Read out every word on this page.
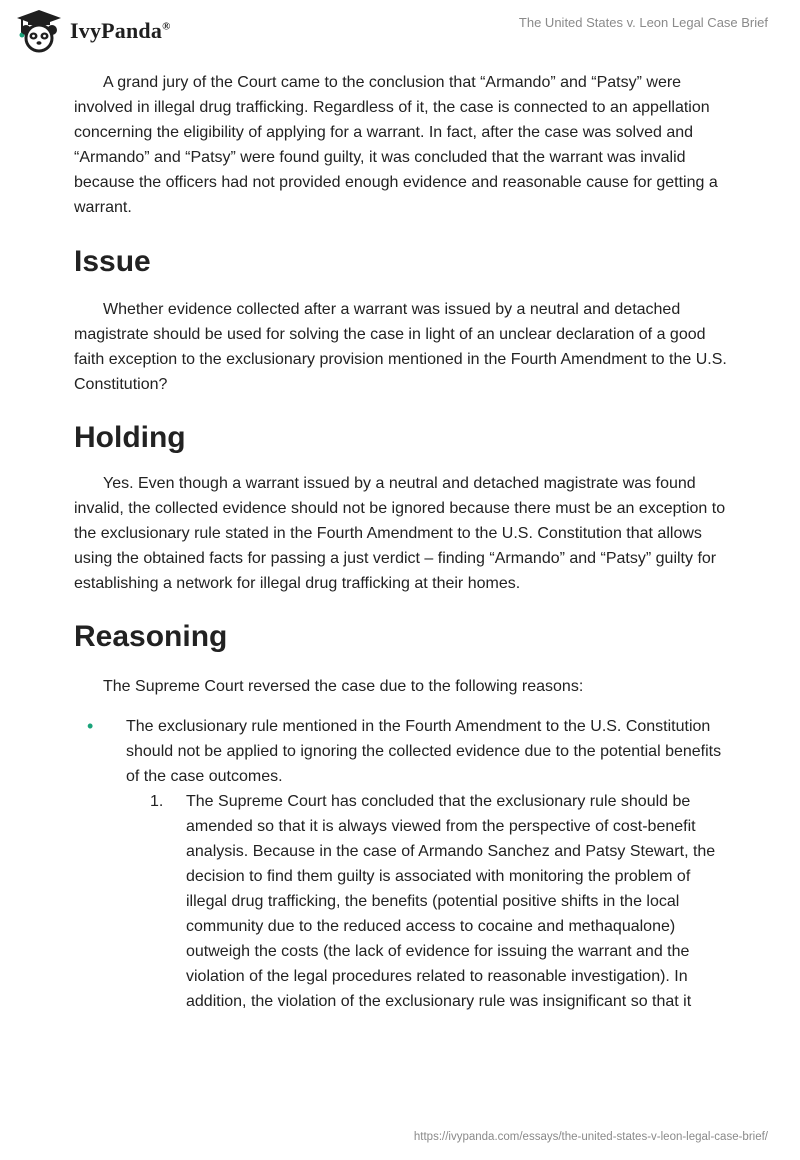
IvyPanda®	The United States v. Leon Legal Case Brief

A grand jury of the Court came to the conclusion that “Armando” and “Patsy” were involved in illegal drug trafficking. Regardless of it, the case is connected to an appellation concerning the eligibility of applying for a warrant. In fact, after the case was solved and “Armando” and “Patsy” were found guilty, it was concluded that the warrant was invalid because the officers had not provided enough evidence and reasonable cause for getting a warrant.

Issue

Whether evidence collected after a warrant was issued by a neutral and detached magistrate should be used for solving the case in light of an unclear declaration of a good faith exception to the exclusionary provision mentioned in the Fourth Amendment to the U.S. Constitution?

Holding

Yes. Even though a warrant issued by a neutral and detached magistrate was found invalid, the collected evidence should not be ignored because there must be an exception to the exclusionary rule stated in the Fourth Amendment to the U.S. Constitution that allows using the obtained facts for passing a just verdict – finding “Armando” and “Patsy” guilty for establishing a network for illegal drug trafficking at their homes.

Reasoning

The Supreme Court reversed the case due to the following reasons:

• The exclusionary rule mentioned in the Fourth Amendment to the U.S. Constitution should not be applied to ignoring the collected evidence due to the potential benefits of the case outcomes.
1. The Supreme Court has concluded that the exclusionary rule should be amended so that it is always viewed from the perspective of cost-benefit analysis. Because in the case of Armando Sanchez and Patsy Stewart, the decision to find them guilty is associated with monitoring the problem of illegal drug trafficking, the benefits (potential positive shifts in the local community due to the reduced access to cocaine and methaqualone) outweigh the costs (the lack of evidence for issuing the warrant and the violation of the legal procedures related to reasonable investigation). In addition, the violation of the exclusionary rule was insignificant so that it
https://ivypanda.com/essays/the-united-states-v-leon-legal-case-brief/
